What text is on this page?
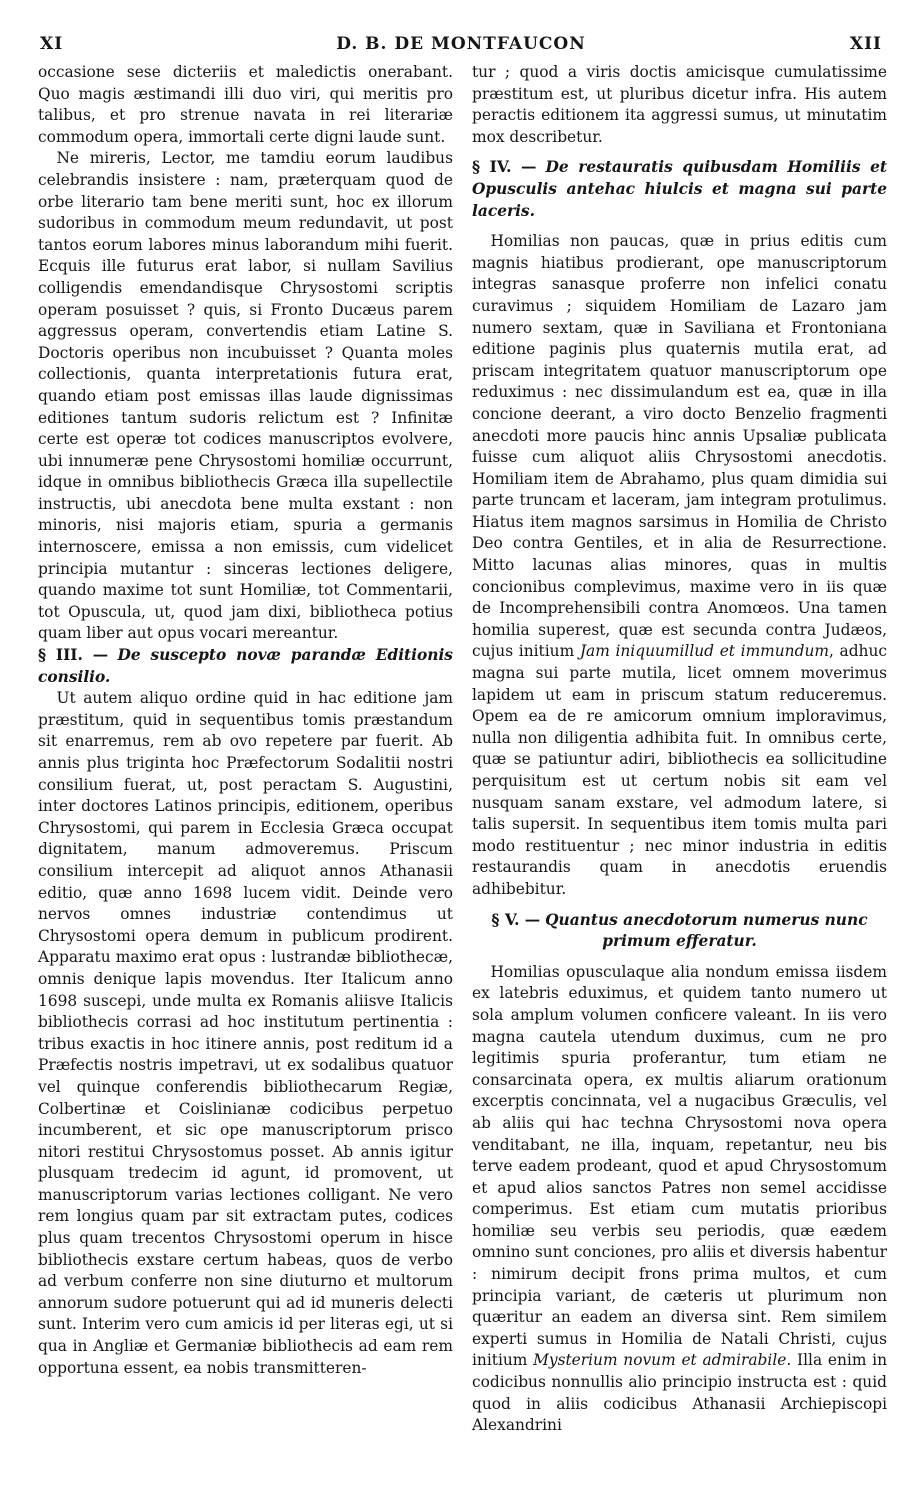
XI	D. B. DE MONTFAUCON	XII

occasione sese dicteriis et maledictis onerabant. Quo magis æstimandi illi duo viri, qui meritis pro talibus, et pro strenue navata in rei literariæ commodum opera, immortali certe digni laude sunt.

Ne mireris, Lector, me tamdiu eorum laudibus celebrandis insistere : nam, præterquam quod de orbe literario tam bene meriti sunt, hoc ex illorum sudoribus in commodum meum redundavit, ut post tantos eorum labores minus laborandum mihi fuerit. Ecquis ille futurus erat labor, si nullam Savilius colligendis emendandisque Chrysostomi scriptis operam posuisset ? quis, si Fronto Ducæus parem aggressus operam, convertendis etiam Latine S. Doctoris operibus non incubuisset ? Quanta moles collectionis, quanta interpretationis futura erat, quando etiam post emissas illas laude dignissimas editiones tantum sudoris relictum est ? Infinitæ certe est operæ tot codices manuscriptos evolvere, ubi innumeræ pene Chrysostomi homiliæ occurrunt, idque in omnibus bibliothecis Græca illa supellectile instructis, ubi anecdota bene multa exstant : non minoris, nisi majoris etiam, spuria a germanis internoscere, emissa a non emissis, cum videlicet principia mutantur : sinceras lectiones deligere, quando maxime tot sunt Homiliæ, tot Commentarii, tot Opuscula, ut, quod jam dixi, bibliotheca potius quam liber aut opus vocari mereantur.

§ III. — De suscepto novæ parandæ Editionis consilio.

Ut autem aliquo ordine quid in hac editione jam præstitum, quid in sequentibus tomis præstandum sit enarremus, rem ab ovo repetere par fuerit. Ab annis plus triginta hoc Præfectorum Sodalitii nostri consilium fuerat, ut, post peractam S. Augustini, inter doctores Latinos principis, editionem, operibus Chrysostomi, qui parem in Ecclesia Græca occupat dignitatem, manum admoveremus. Priscum consilium intercepit ad aliquot annos Athanasii editio, quæ anno 1698 lucem vidit. Deinde vero nervos omnes industriæ contendimus ut Chrysostomi opera demum in publicum prodirent. Apparatu maximo erat opus : lustrandæ bibliothecæ, omnis denique lapis movendus. Iter Italicum anno 1698 suscepi, unde multa ex Romanis aliisve Italicis bibliothecis corrasi ad hoc institutum pertinentia : tribus exactis in hoc itinere annis, post reditum id a Præfectis nostris impetravi, ut ex sodalibus quatuor vel quinque conferendis bibliothecarum Regiæ, Colbertinæ et Coislinianæ codicibus perpetuo incumberent, et sic ope manuscriptorum prisco nitori restitui Chrysostomus posset. Ab annis igitur plusquam tredecim id agunt, id promovent, ut manuscriptorum varias lectiones colligant. Ne vero rem longius quam par sit extractam putes, codices plus quam trecentos Chrysostomi operum in hisce bibliothecis exstare certum habeas, quos de verbo ad verbum conferre non sine diuturno et multorum annorum sudore potuerunt qui ad id muneris delecti sunt. Interim vero cum amicis id per literas egi, ut si qua in Angliæ et Germaniæ bibliothecis ad eam rem opportuna essent, ea nobis transmitteren-

tur ; quod a viris doctis amicisque cumulatissime præstitum est, ut pluribus dicetur infra. His autem peractis editionem ita aggressi sumus, ut minutatim mox describetur.

§ IV. — De restauratis quibusdam Homiliis et Opusculis antehac hiulcis et magna sui parte laceris.

Homilias non paucas, quæ in prius editis cum magnis hiatibus prodierant, ope manuscriptorum integras sanasque proferre non infelici conatu curavimus ; siquidem Homiliam de Lazaro jam numero sextam, quæ in Saviliana et Frontoniana editione paginis plus quaternis mutila erat, ad priscam integritatem quatuor manuscriptorum ope reduximus : nec dissimulandum est ea, quæ in illa concione deerant, a viro docto Benzelio fragmenti anecdoti more paucis hinc annis Upsaliæ publicata fuisse cum aliquot aliis Chrysostomi anecdotis. Homiliam item de Abrahamo, plus quam dimidia sui parte truncam et laceram, jam integram protulimus. Hiatus item magnos sarsimus in Homilia de Christo Deo contra Gentiles, et in alia de Resurrectione. Mitto lacunas alias minores, quas in multis concionibus complevimus, maxime vero in iis quæ de Incomprehensibili contra Anomœos. Una tamen homilia superest, quæ est secunda contra Judæos, cujus initium Jam iniquumillud et immundum, adhuc magna sui parte mutila, licet omnem moverimus lapidem ut eam in priscum statum reduceremus. Opem ea de re amicorum omnium imploravimus, nulla non diligentia adhibita fuit. In omnibus certe, quæ se patiuntur adiri, bibliothecis ea sollicitudine perquisitum est ut certum nobis sit eam vel nusquam sanam exstare, vel admodum latere, si talis supersit. In sequentibus item tomis multa pari modo restituentur ; nec minor industria in editis restaurandis quam in anecdotis eruendis adhibebitur.

§ V. — Quantus anecdotorum numerus nunc primum efferatur.

Homilias opusculaque alia nondum emissa iisdem ex latebris eduximus, et quidem tanto numero ut sola amplum volumen conficere valeant. In iis vero magna cautela utendum duximus, cum ne pro legitimis spuria proferantur, tum etiam ne consarcinata opera, ex multis aliarum orationum excerptis concinnata, vel a nugacibus Græculis, vel ab aliis qui hac techna Chrysostomi nova opera venditabant, ne illa, inquam, repetantur, neu bis terve eadem prodeant, quod et apud Chrysostomum et apud alios sanctos Patres non semel accidisse comperimus. Est etiam cum mutatis prioribus homiliæ seu verbis seu periodis, quæ eædem omnino sunt conciones, pro aliis et diversis habentur : nimirum decipit frons prima multos, et cum principia variant, de cæteris ut plurimum non quæritur an eadem an diversa sint. Rem similem experti sumus in Homilia de Natali Christi, cujus initium Mysterium novum et admirabile. Illa enim in codicibus nonnullis alio principio instructa est : quid quod in aliis codicibus Athanasii Archiepiscopi Alexandrini
